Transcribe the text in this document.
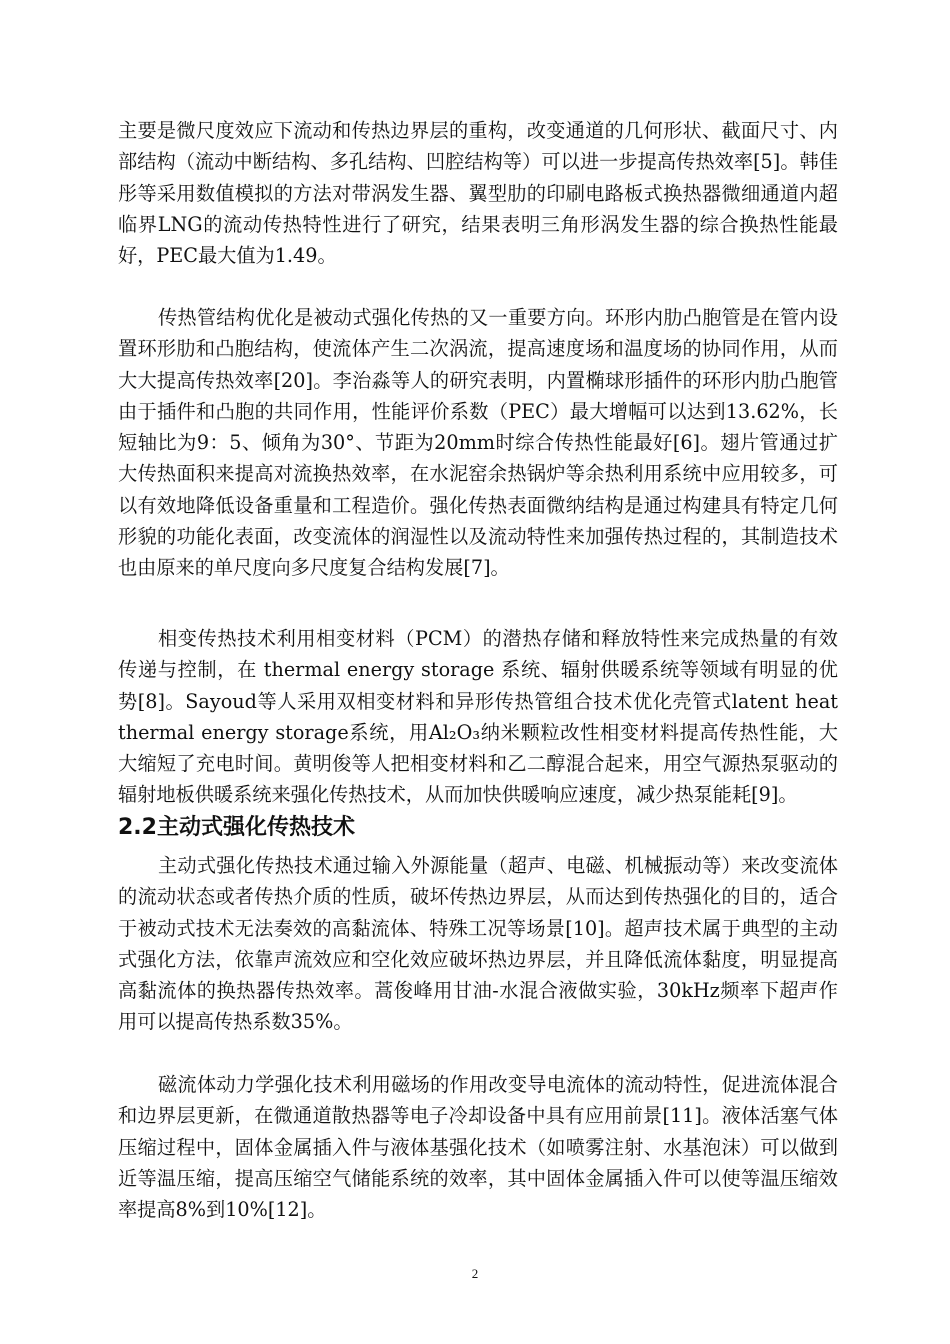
主要是微尺度效应下流动和传热边界层的重构，改变通道的几何形状、截面尺寸、内部结构（流动中断结构、多孔结构、凹腔结构等）可以进一步提高传热效率[5]。韩佳彤等采用数值模拟的方法对带涡发生器、翼型肋的印刷电路板式换热器微细通道内超临界LNG的流动传热特性进行了研究，结果表明三角形涡发生器的综合换热性能最好，PEC最大值为1.49。

传热管结构优化是被动式强化传热的又一重要方向。环形内肋凸胞管是在管内设置环形肋和凸胞结构，使流体产生二次涡流，提高速度场和温度场的协同作用，从而大大提高传热效率[20]。李治淼等人的研究表明，内置椭球形插件的环形内肋凸胞管由于插件和凸胞的共同作用，性能评价系数（PEC）最大增幅可以达到13.62%，长短轴比为9：5、倾角为30°、节距为20mm时综合传热性能最好[6]。翅片管通过扩大传热面积来提高对流换热效率，在水泥窑余热锅炉等余热利用系统中应用较多，可以有效地降低设备重量和工程造价。强化传热表面微纳结构是通过构建具有特定几何形貌的功能化表面，改变流体的润湿性以及流动特性来加强传热过程的，其制造技术也由原来的单尺度向多尺度复合结构发展[7]。

相变传热技术利用相变材料（PCM）的潜热存储和释放特性来完成热量的有效传递与控制，在 thermal energy storage 系统、辐射供暖系统等领域有明显的优势[8]。Sayoud等人采用双相变材料和异形传热管组合技术优化壳管式latent heat thermal energy storage系统，用Al₂O₃纳米颗粒改性相变材料提高传热性能，大大缩短了充电时间。黄明俊等人把相变材料和乙二醇混合起来，用空气源热泵驱动的辐射地板供暖系统来强化传热技术，从而加快供暖响应速度，减少热泵能耗[9]。

2.2主动式强化传热技术

主动式强化传热技术通过输入外源能量（超声、电磁、机械振动等）来改变流体的流动状态或者传热介质的性质，破坏传热边界层，从而达到传热强化的目的，适合于被动式技术无法奏效的高黏流体、特殊工况等场景[10]。超声技术属于典型的主动式强化方法，依靠声流效应和空化效应破坏热边界层，并且降低流体黏度，明显提高高黏流体的换热器传热效率。蒿俊峰用甘油-水混合液做实验，30kHz频率下超声作用可以提高传热系数35%。

磁流体动力学强化技术利用磁场的作用改变导电流体的流动特性，促进流体混合和边界层更新，在微通道散热器等电子冷却设备中具有应用前景[11]。液体活塞气体压缩过程中，固体金属插入件与液体基强化技术（如喷雾注射、水基泡沫）可以做到近等温压缩，提高压缩空气储能系统的效率，其中固体金属插入件可以使等温压缩效率提高8%到10%[12]。

2
